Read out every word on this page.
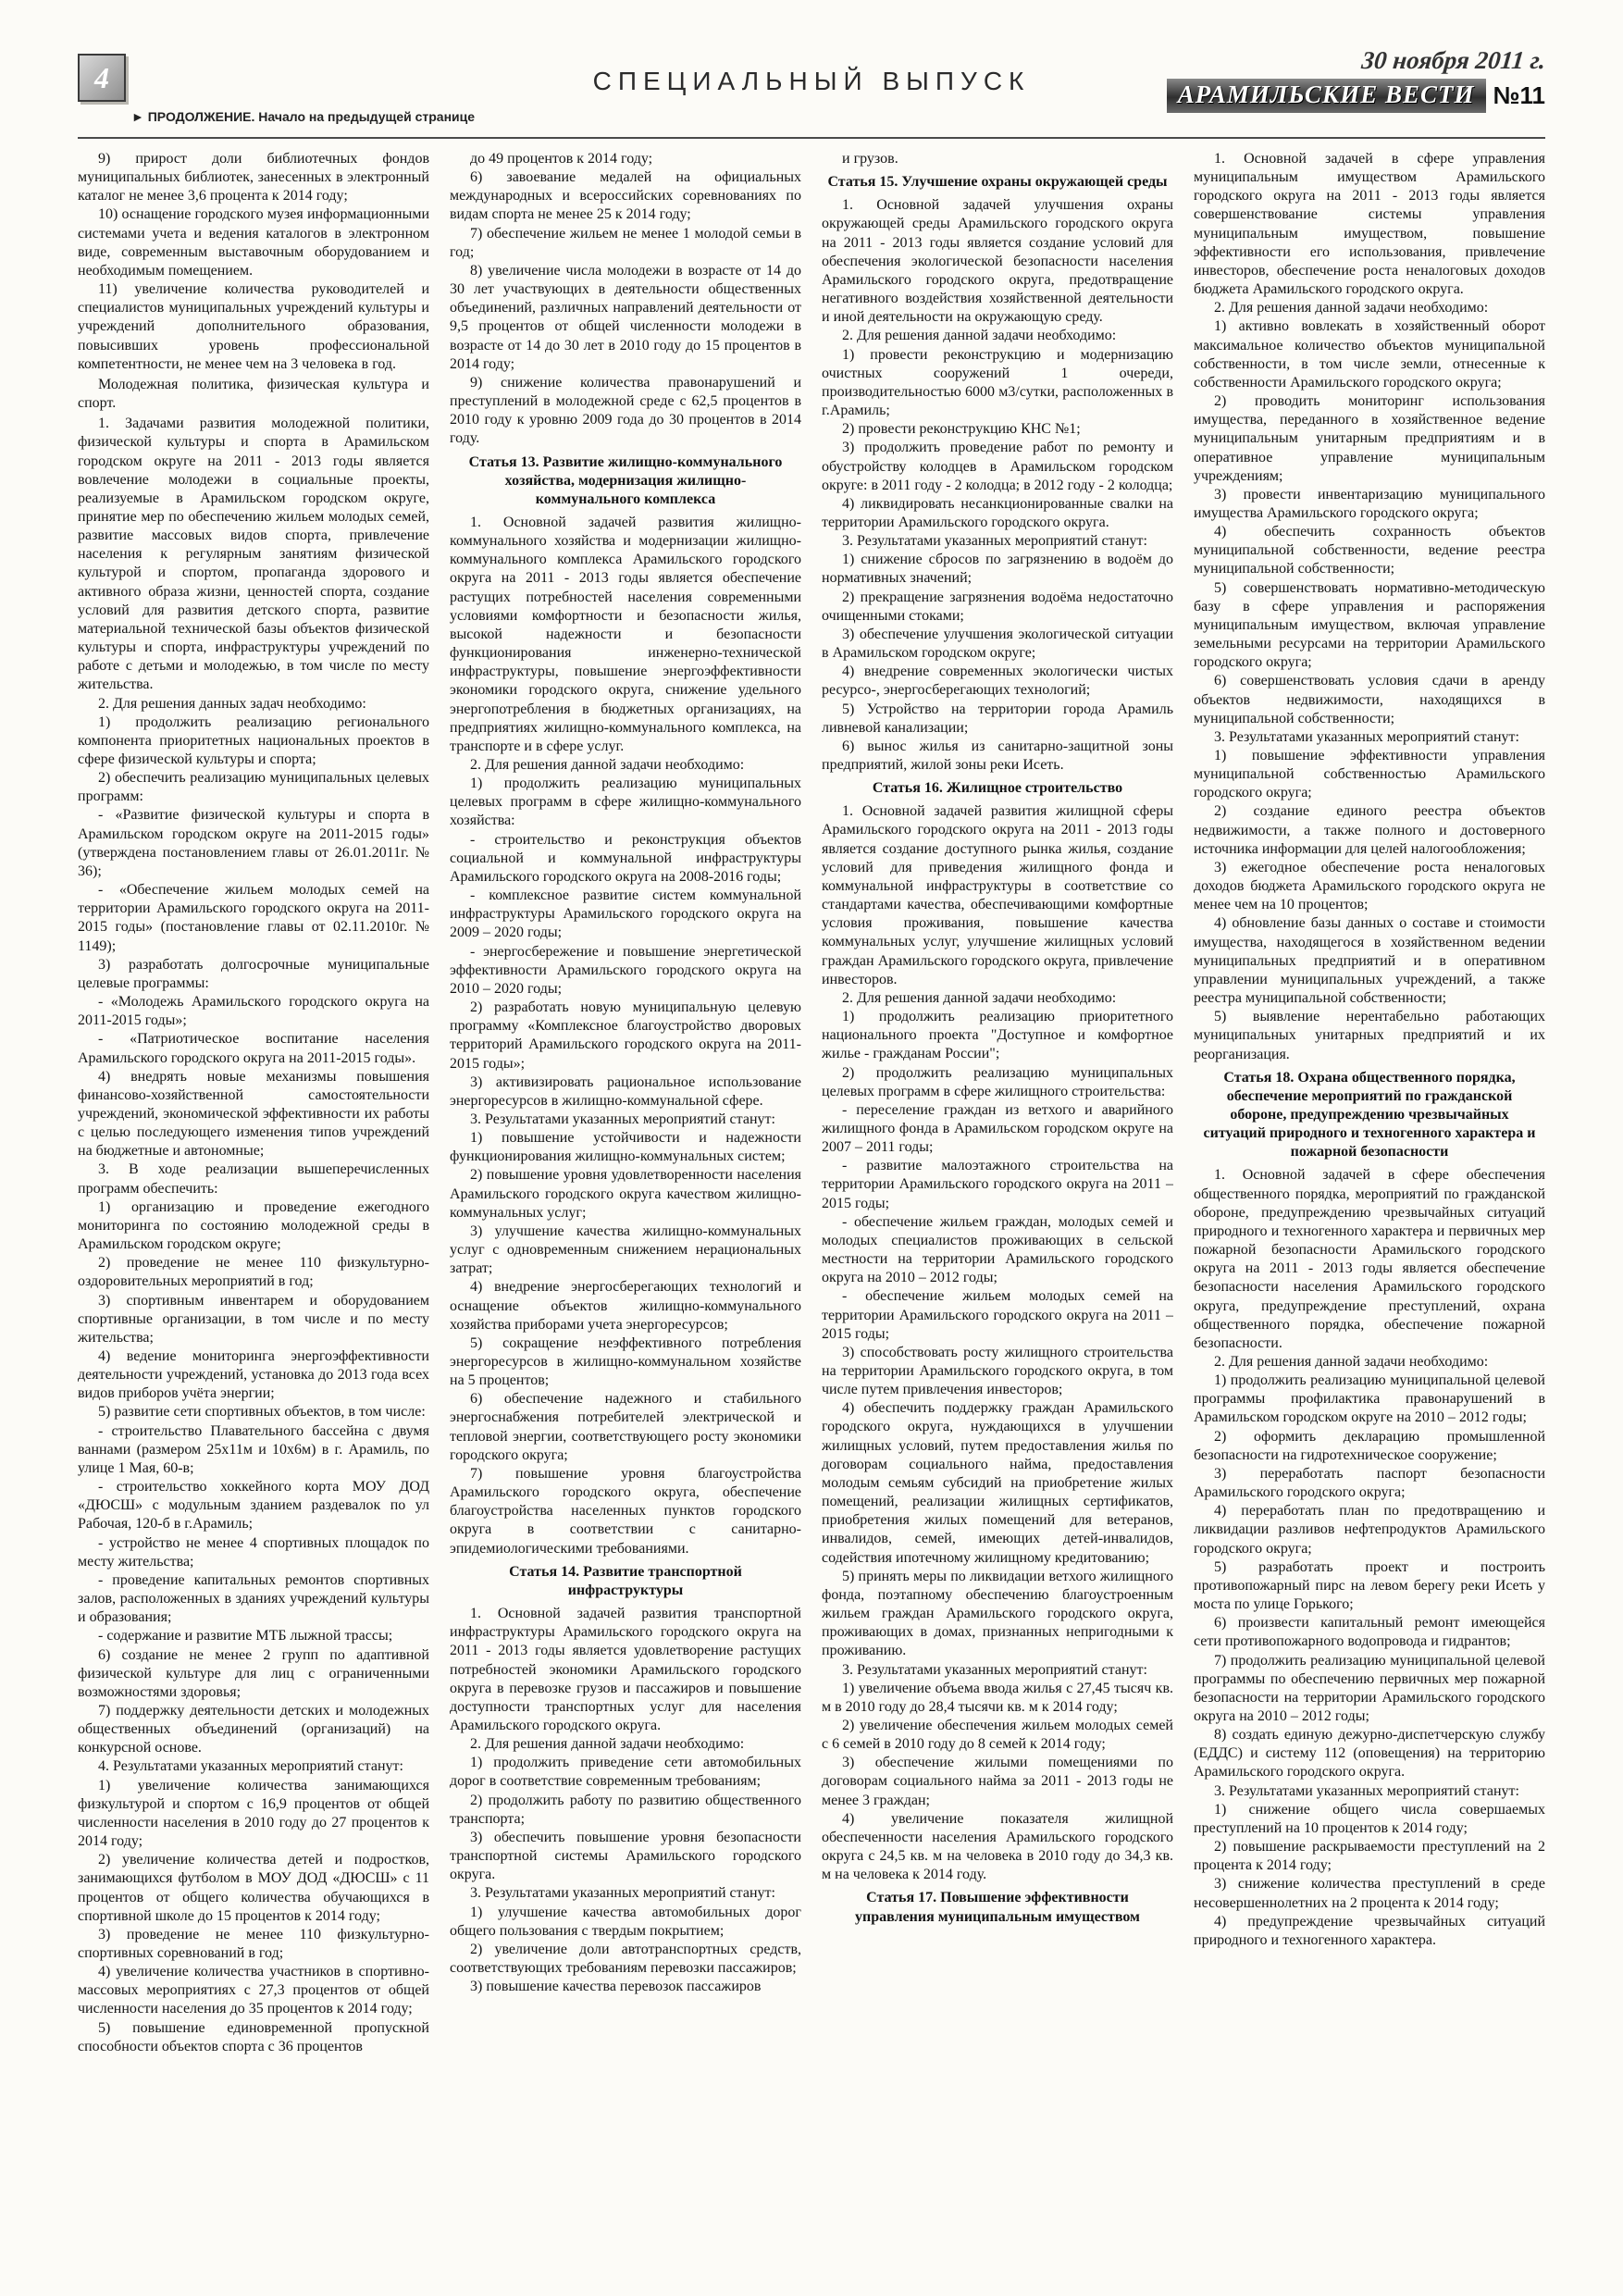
4
► ПРОДОЛЖЕНИЕ. Начало на предыдущей странице
СПЕЦИАЛЬНЫЙ ВЫПУСК
30 ноября 2011 г.
АРАМИЛЬСКИЕ ВЕСТИ №11
9) прирост доли библиотечных фондов муниципальных библиотек, занесенных в электронный каталог не менее 3,6 процента к 2014 году;
10) оснащение городского музея информационными системами учета и ведения каталогов в электронном виде, современным выставочным оборудованием и необходимым помещением.
11) увеличение количества руководителей и специалистов муниципальных учреждений культуры и учреждений дополнительного образования, повысивших уровень профессиональной компетентности, не менее чем на 3 человека в год.
Молодежная политика, физическая культура и спорт.
1. Задачами развития молодежной политики, физической культуры и спорта в Арамильском городском округе на 2011 - 2013 годы является вовлечение молодежи в социальные проекты, реализуемые в Арамильском городском округе, принятие мер по обеспечению жильем молодых семей, развитие массовых видов спорта, привлечение населения к регулярным занятиям физической культурой и спортом, пропаганда здорового и активного образа жизни, ценностей спорта, создание условий для развития детского спорта, развитие материальной технической базы объектов физической культуры и спорта, инфраструктуры учреждений по работе с детьми и молодежью, в том числе по месту жительства.
2. Для решения данных задач необходимо:
1) продолжить реализацию регионального компонента приоритетных национальных проектов в сфере физической культуры и спорта;
2) обеспечить реализацию муниципальных целевых программ:
- «Развитие физической культуры и спорта в Арамильском городском округе на 2011-2015 годы» (утверждена постановлением главы от 26.01.2011г. № 36);
- «Обеспечение жильем молодых семей на территории Арамильского городского округа на 2011-2015 годы» (постановление главы от 02.11.2010г. № 1149);
3) разработать долгосрочные муниципальные целевые программы:
- «Молодежь Арамильского городского округа на 2011-2015 годы»;
- «Патриотическое воспитание населения Арамильского городского округа на 2011-2015 годы».
4) внедрять новые механизмы повышения финансово-хозяйственной самостоятельности учреждений, экономической эффективности их работы с целью последующего изменения типов учреждений на бюджетные и автономные;
3. В ходе реализации вышеперечисленных программ обеспечить:
1) организацию и проведение ежегодного мониторинга по состоянию молодежной среды в Арамильском городском округе;
2) проведение не менее 110 физкультурно-оздоровительных мероприятий в год;
3) спортивным инвентарем и оборудованием спортивные организации, в том числе и по месту жительства;
4) ведение мониторинга энергоэффективности деятельности учреждений, установка до 2013 года всех видов приборов учёта энергии;
5) развитие сети спортивных объектов, в том числе:
- строительство Плавательного бассейна с двумя ваннами (размером 25х11м и 10х6м) в г. Арамиль, по улице 1 Мая, 60-в;
- строительство хоккейного корта МОУ ДОД «ДЮСШ» с модульным зданием раздевалок по ул Рабочая, 120-б в г.Арамиль;
- устройство не менее 4 спортивных площадок по месту жительства;
- проведение капитальных ремонтов спортивных залов, расположенных в зданиях учреждений культуры и образования;
- содержание и развитие МТБ лыжной трассы;
6) создание не менее 2 групп по адаптивной физической культуре для лиц с ограниченными возможностями здоровья;
7) поддержку деятельности детских и молодежных общественных объединений (организаций) на конкурсной основе.
4. Результатами указанных мероприятий станут:
1) увеличение количества занимающихся физкультурой и спортом с 16,9 процентов от общей численности населения в 2010 году до 27 процентов к 2014 году;
2) увеличение количества детей и подростков, занимающихся футболом в МОУ ДОД «ДЮСШ» с 11 процентов от общего количества обучающихся в спортивной школе до 15 процентов к 2014 году;
3) проведение не менее 110 физкультурно-спортивных соревнований в год;
4) увеличение количества участников в спортивно-массовых мероприятиях с 27,3 процентов от общей численности населения до 35 процентов к 2014 году;
5) повышение единовременной пропускной способности объектов спорта с 36 процентов
до 49 процентов к 2014 году;
6) завоевание медалей на официальных международных и всероссийских соревнованиях по видам спорта не менее 25 к 2014 году;
7) обеспечение жильем не менее 1 молодой семьи в год;
8) увеличение числа молодежи в возрасте от 14 до 30 лет участвующих в деятельности общественных объединений, различных направлений деятельности от 9,5 процентов от общей численности молодежи в возрасте от 14 до 30 лет в 2010 году до 15 процентов в 2014 году;
9) снижение количества правонарушений и преступлений в молодежной среде с 62,5 процентов в 2010 году к уровню 2009 года до 30 процентов в 2014 году.
Статья 13. Развитие жилищно-коммунального хозяйства, модернизация жилищно-коммунального комплекса
1. Основной задачей развития жилищно-коммунального хозяйства и модернизации жилищно-коммунального комплекса Арамильского городского округа на 2011 - 2013 годы является обеспечение растущих потребностей населения современными условиями комфортности и безопасности жилья, высокой надежности и безопасности функционирования инженерно-технической инфраструктуры, повышение энергоэффективности экономики городского округа, снижение удельного энергопотребления в бюджетных организациях, на предприятиях жилищно-коммунального комплекса, на транспорте и в сфере услуг.
2. Для решения данной задачи необходимо:
1) продолжить реализацию муниципальных целевых программ в сфере жилищно-коммунального хозяйства:
- строительство и реконструкция объектов социальной и коммунальной инфраструктуры Арамильского городского округа на 2008-2016 годы;
- комплексное развитие систем коммунальной инфраструктуры Арамильского городского округа на 2009 – 2020 годы;
- энергосбережение и повышение энергетической эффективности Арамильского городского округа на 2010 – 2020 годы;
2) разработать новую муниципальную целевую программу «Комплексное благоустройство дворовых территорий Арамильского городского округа на 2011-2015 годы»;
3) активизировать рациональное использование энергоресурсов в жилищно-коммунальной сфере.
3. Результатами указанных мероприятий станут:
1) повышение устойчивости и надежности функционирования жилищно-коммунальных систем;
2) повышение уровня удовлетворенности населения Арамильского городского округа качеством жилищно-коммунальных услуг;
3) улучшение качества жилищно-коммунальных услуг с одновременным снижением нерациональных затрат;
4) внедрение энергосберегающих технологий и оснащение объектов жилищно-коммунального хозяйства приборами учета энергоресурсов;
5) сокращение неэффективного потребления энергоресурсов в жилищно-коммунальном хозяйстве на 5 процентов;
6) обеспечение надежного и стабильного энергоснабжения потребителей электрической и тепловой энергии, соответствующего росту экономики городского округа;
7) повышение уровня благоустройства Арамильского городского округа, обеспечение благоустройства населенных пунктов городского округа в соответствии с санитарно-эпидемиологическими требованиями.
Статья 14. Развитие транспортной инфраструктуры
1. Основной задачей развития транспортной инфраструктуры Арамильского городского округа на 2011 - 2013 годы является удовлетворение растущих потребностей экономики Арамильского городского округа в перевозке грузов и пассажиров и повышение доступности транспортных услуг для населения Арамильского городского округа.
2. Для решения данной задачи необходимо:
1) продолжить приведение сети автомобильных дорог в соответствие современным требованиям;
2) продолжить работу по развитию общественного транспорта;
3) обеспечить повышение уровня безопасности транспортной системы Арамильского городского округа.
3. Результатами указанных мероприятий станут:
1) улучшение качества автомобильных дорог общего пользования с твердым покрытием;
2) увеличение доли автотранспортных средств, соответствующих требованиям перевозки пассажиров;
3) повышение качества перевозок пассажиров
и грузов.
Статья 15. Улучшение охраны окружающей среды
1. Основной задачей улучшения охраны окружающей среды Арамильского городского округа на 2011 - 2013 годы является создание условий для обеспечения экологической безопасности населения Арамильского городского округа, предотвращение негативного воздействия хозяйственной деятельности и иной деятельности на окружающую среду.
2. Для решения данной задачи необходимо:
1) провести реконструкцию и модернизацию очистных сооружений 1 очереди, производительностью 6000 м3/сутки, расположенных в г.Арамиль;
2) провести реконструкцию КНС №1;
3) продолжить проведение работ по ремонту и обустройству колодцев в Арамильском городском округе: в 2011 году - 2 колодца; в 2012 году - 2 колодца;
4) ликвидировать несанкционированные свалки на территории Арамильского городского округа.
3. Результатами указанных мероприятий станут:
1) снижение сбросов по загрязнению в водоём до нормативных значений;
2) прекращение загрязнения водоёма недостаточно очищенными стоками;
3) обеспечение улучшения экологической ситуации в Арамильском городском округе;
4) внедрение современных экологически чистых ресурсо-, энергосберегающих технологий;
5) Устройство на территории города Арамиль ливневой канализации;
6) вынос жилья из санитарно-защитной зоны предприятий, жилой зоны реки Исеть.
Статья 16. Жилищное строительство
1. Основной задачей развития жилищной сферы Арамильского городского округа на 2011 - 2013 годы является создание доступного рынка жилья, создание условий для приведения жилищного фонда и коммунальной инфраструктуры в соответствие со стандартами качества, обеспечивающими комфортные условия проживания, повышение качества коммунальных услуг, улучшение жилищных условий граждан Арамильского городского округа, привлечение инвесторов.
2. Для решения данной задачи необходимо:
1) продолжить реализацию приоритетного национального проекта "Доступное и комфортное жилье - гражданам России";
2) продолжить реализацию муниципальных целевых программ в сфере жилищного строительства:
- переселение граждан из ветхого и аварийного жилищного фонда в Арамильском городском округе на 2007 – 2011 годы;
- развитие малоэтажного строительства на территории Арамильского городского округа на 2011 – 2015 годы;
- обеспечение жильем граждан, молодых семей и молодых специалистов проживающих в сельской местности на территории Арамильского городского округа на 2010 – 2012 годы;
- обеспечение жильем молодых семей на территории Арамильского городского округа на 2011 – 2015 годы;
3) способствовать росту жилищного строительства на территории Арамильского городского округа, в том числе путем привлечения инвесторов;
4) обеспечить поддержку граждан Арамильского городского округа, нуждающихся в улучшении жилищных условий, путем предоставления жилья по договорам социального найма, предоставления молодым семьям субсидий на приобретение жилых помещений, реализации жилищных сертификатов, приобретения жилых помещений для ветеранов, инвалидов, семей, имеющих детей-инвалидов, содействия ипотечному жилищному кредитованию;
5) принять меры по ликвидации ветхого жилищного фонда, поэтапному обеспечению благоустроенным жильем граждан Арамильского городского округа, проживающих в домах, признанных непригодными к проживанию.
3. Результатами указанных мероприятий станут:
1) увеличение объема ввода жилья с 27,45 тысяч кв. м в 2010 году до 28,4 тысячи кв. м к 2014 году;
2) увеличение обеспечения жильем молодых семей с 6 семей в 2010 году до 8 семей к 2014 году;
3) обеспечение жилыми помещениями по договорам социального найма за 2011 - 2013 годы не менее 3 граждан;
4) увеличение показателя жилищной обеспеченности населения Арамильского городского округа с 24,5 кв. м на человека в 2010 году до 34,3 кв. м на человека к 2014 году.
Статья 17. Повышение эффективности управления муниципальным имуществом
1. Основной задачей в сфере управления муниципальным имуществом Арамильского городского округа на 2011 - 2013 годы является совершенствование системы управления муниципальным имуществом, повышение эффективности его использования, привлечение инвесторов, обеспечение роста неналоговых доходов бюджета Арамильского городского округа.
2. Для решения данной задачи необходимо:
1) активно вовлекать в хозяйственный оборот максимальное количество объектов муниципальной собственности, в том числе земли, отнесенные к собственности Арамильского городского округа;
2) проводить мониторинг использования имущества, переданного в хозяйственное ведение муниципальным унитарным предприятиям и в оперативное управление муниципальным учреждениям;
3) провести инвентаризацию муниципального имущества Арамильского городского округа;
4) обеспечить сохранность объектов муниципальной собственности, ведение реестра муниципальной собственности;
5) совершенствовать нормативно-методическую базу в сфере управления и распоряжения муниципальным имуществом, включая управление земельными ресурсами на территории Арамильского городского округа;
6) совершенствовать условия сдачи в аренду объектов недвижимости, находящихся в муниципальной собственности;
3. Результатами указанных мероприятий станут:
1) повышение эффективности управления муниципальной собственностью Арамильского городского округа;
2) создание единого реестра объектов недвижимости, а также полного и достоверного источника информации для целей налогообложения;
3) ежегодное обеспечение роста неналоговых доходов бюджета Арамильского городского округа не менее чем на 10 процентов;
4) обновление базы данных о составе и стоимости имущества, находящегося в хозяйственном ведении муниципальных предприятий и в оперативном управлении муниципальных учреждений, а также реестра муниципальной собственности;
5) выявление нерентабельно работающих муниципальных унитарных предприятий и их реорганизация.
Статья 18. Охрана общественного порядка, обеспечение мероприятий по гражданской обороне, предупреждению чрезвычайных ситуаций природного и техногенного характера и пожарной безопасности
1. Основной задачей в сфере обеспечения общественного порядка, мероприятий по гражданской обороне, предупреждению чрезвычайных ситуаций природного и техногенного характера и первичных мер пожарной безопасности Арамильского городского округа на 2011 - 2013 годы является обеспечение безопасности населения Арамильского городского округа, предупреждение преступлений, охрана общественного порядка, обеспечение пожарной безопасности.
2. Для решения данной задачи необходимо:
1) продолжить реализацию муниципальной целевой программы профилактика правонарушений в Арамильском городском округе на 2010 – 2012 годы;
2) оформить декларацию промышленной безопасности на гидротехническое сооружение;
3) переработать паспорт безопасности Арамильского городского округа;
4) переработать план по предотвращению и ликвидации разливов нефтепродуктов Арамильского городского округа;
5) разработать проект и построить противопожарный пирс на левом берегу реки Исеть у моста по улице Горького;
6) произвести капитальный ремонт имеющейся сети противопожарного водопровода и гидрантов;
7) продолжить реализацию муниципальной целевой программы по обеспечению первичных мер пожарной безопасности на территории Арамильского городского округа на 2010 – 2012 годы;
8) создать единую дежурно-диспетчерскую службу (ЕДДС) и систему 112 (оповещения) на территорию Арамильского городского округа.
3. Результатами указанных мероприятий станут:
1) снижение общего числа совершаемых преступлений на 10 процентов к 2014 году;
2) повышение раскрываемости преступлений на 2 процента к 2014 году;
3) снижение количества преступлений в среде несовершеннолетних на 2 процента к 2014 году;
4) предупреждение чрезвычайных ситуаций природного и техногенного характера.
